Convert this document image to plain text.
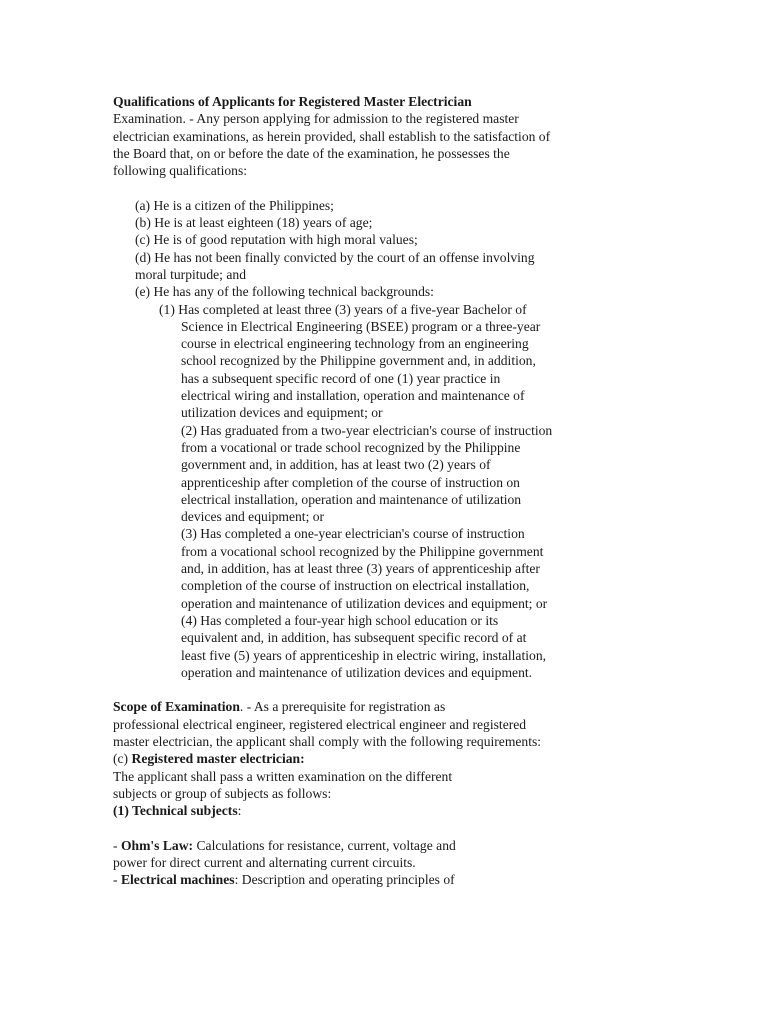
Qualifications of Applicants for Registered Master Electrician
Examination. - Any person applying for admission to the registered master
electrician examinations, as herein provided, shall establish to the satisfaction of
the Board that, on or before the date of the examination, he possesses the
following qualifications:
(a) He is a citizen of the Philippines;
(b) He is at least eighteen (18) years of age;
(c) He is of good reputation with high moral values;
(d) He has not been finally convicted by the court of an offense involving
moral turpitude; and
(e) He has any of the following technical backgrounds:
(1) Has completed at least three (3) years of a five-year Bachelor of
Science in Electrical Engineering (BSEE) program or a three-year
course in electrical engineering technology from an engineering
school recognized by the Philippine government and, in addition,
has a subsequent specific record of one (1) year practice in
electrical wiring and installation, operation and maintenance of
utilization devices and equipment; or
(2) Has graduated from a two-year electrician's course of instruction
from a vocational or trade school recognized by the Philippine
government and, in addition, has at least two (2) years of
apprenticeship after completion of the course of instruction on
electrical installation, operation and maintenance of utilization
devices and equipment; or
(3) Has completed a one-year electrician's course of instruction
from a vocational school recognized by the Philippine government
and, in addition, has at least three (3) years of apprenticeship after
completion of the course of instruction on electrical installation,
operation and maintenance of utilization devices and equipment; or
(4) Has completed a four-year high school education or its
equivalent and, in addition, has subsequent specific record of at
least five (5) years of apprenticeship in electric wiring, installation,
operation and maintenance of utilization devices and equipment.
Scope of Examination. - As a prerequisite for registration as
professional electrical engineer, registered electrical engineer and registered
master electrician, the applicant shall comply with the following requirements:
(c) Registered master electrician:
The applicant shall pass a written examination on the different
subjects or group of subjects as follows:
(1) Technical subjects:
- Ohm's Law: Calculations for resistance, current, voltage and
power for direct current and alternating current circuits.
- Electrical machines: Description and operating principles of
